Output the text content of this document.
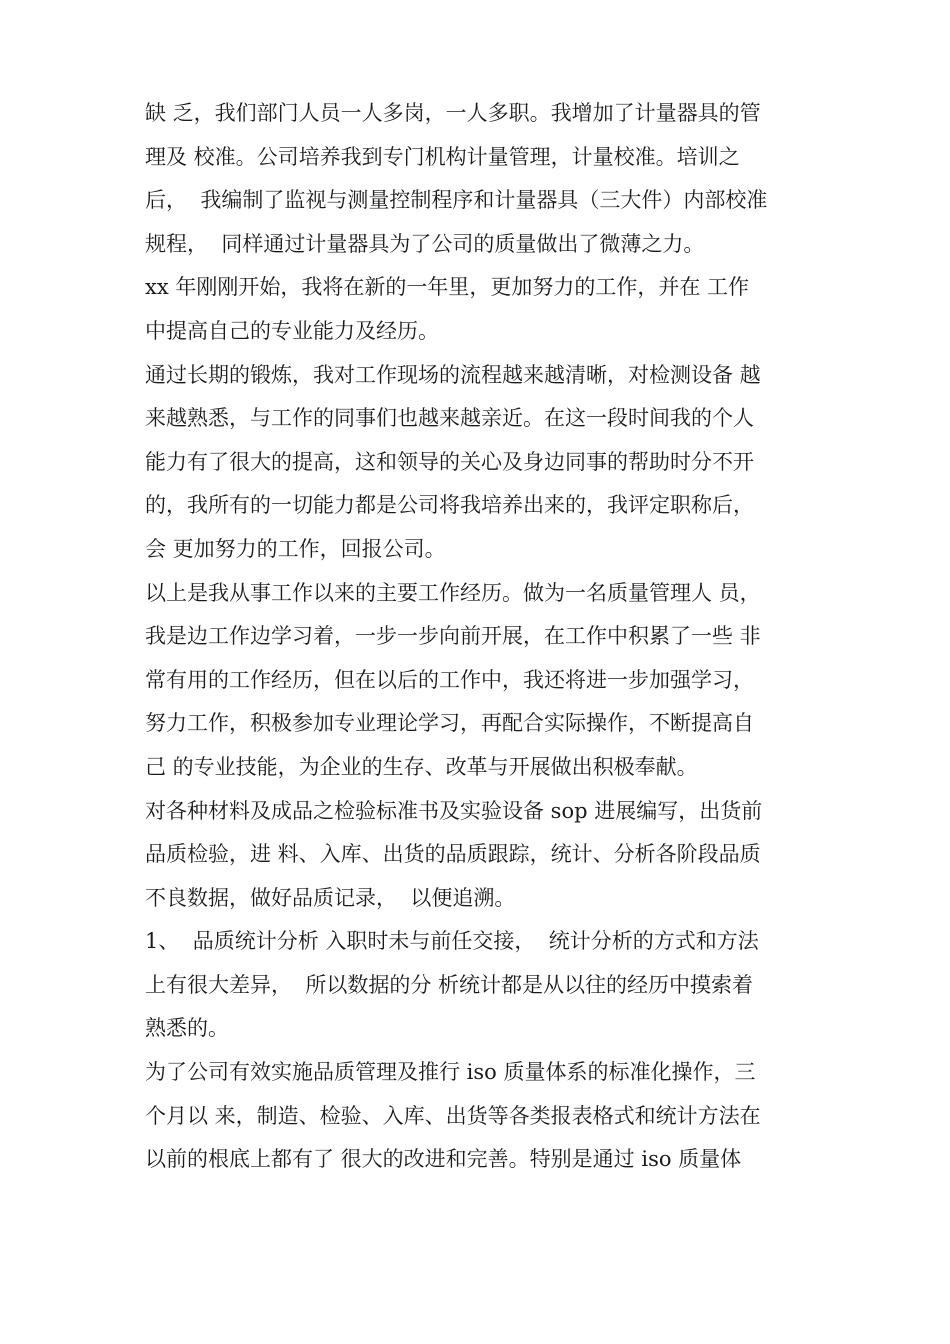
缺 乏，我们部门人员一人多岗，一人多职。我增加了计量器具的管
理及 校准。公司培养我到专门机构计量管理，计量校准。培训之
后，  我编制了监视与测量控制程序和计量器具（三大件）内部校准
规程，  同样通过计量器具为了公司的质量做出了微薄之力。
xx 年刚刚开始，我将在新的一年里，更加努力的工作，并在 工作
中提高自己的专业能力及经历。
通过长期的锻炼，我对工作现场的流程越来越清晰，对检测设备 越
来越熟悉，与工作的同事们也越来越亲近。在这一段时间我的个人
能力有了很大的提高，这和领导的关心及身边同事的帮助时分不开
的，我所有的一切能力都是公司将我培养出来的，我评定职称后，
会 更加努力的工作，回报公司。
以上是我从事工作以来的主要工作经历。做为一名质量管理人 员，
我是边工作边学习着，一步一步向前开展，在工作中积累了一些 非
常有用的工作经历，但在以后的工作中，我还将进一步加强学习，
努力工作，积极参加专业理论学习，再配合实际操作，不断提高自
己 的专业技能，为企业的生存、改革与开展做出积极奉献。
对各种材料及成品之检验标准书及实验设备 sop 进展编写，出货前
品质检验，进 料、入库、出货的品质跟踪，统计、分析各阶段品质
不良数据，做好品质记录，  以便追溯。
1、  品质统计分析 入职时未与前任交接，  统计分析的方式和方法
上有很大差异，  所以数据的分 析统计都是从以往的经历中摸索着
熟悉的。
为了公司有效实施品质管理及推行 iso 质量体系的标准化操作，三
个月以 来，制造、检验、入库、出货等各类报表格式和统计方法在
以前的根底上都有了 很大的改进和完善。特别是通过 iso 质量体
